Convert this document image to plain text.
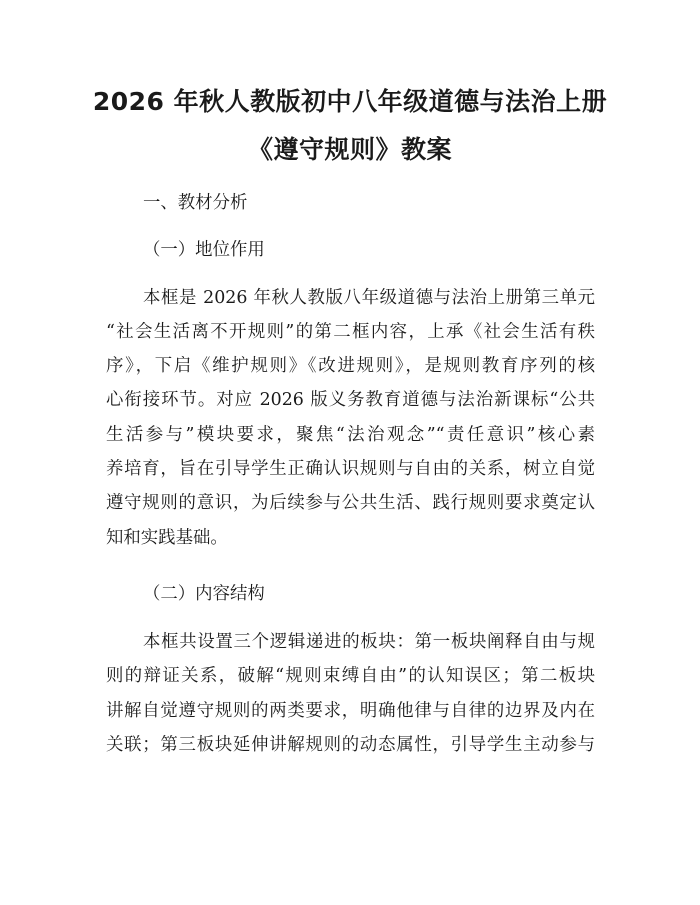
2026 年秋人教版初中八年级道德与法治上册
《遵守规则》教案

一、教材分析

（一）地位作用

本框是 2026 年秋人教版八年级道德与法治上册第三单元

“社会生活离不开规则”的第二框内容，上承《社会生活有秩

序》，下启《维护规则》《改进规则》，是规则教育序列的核

心衔接环节。对应 2026 版义务教育道德与法治新课标“公共

生活参与”模块要求，聚焦“法治观念”“责任意识”核心素

养培育，旨在引导学生正确认识规则与自由的关系，树立自觉

遵守规则的意识，为后续参与公共生活、践行规则要求奠定认

知和实践基础。

（二）内容结构

本框共设置三个逻辑递进的板块：第一板块阐释自由与规

则的辩证关系，破解“规则束缚自由”的认知误区；第二板块

讲解自觉遵守规则的两类要求，明确他律与自律的边界及内在

关联；第三板块延伸讲解规则的动态属性，引导学生主动参与
